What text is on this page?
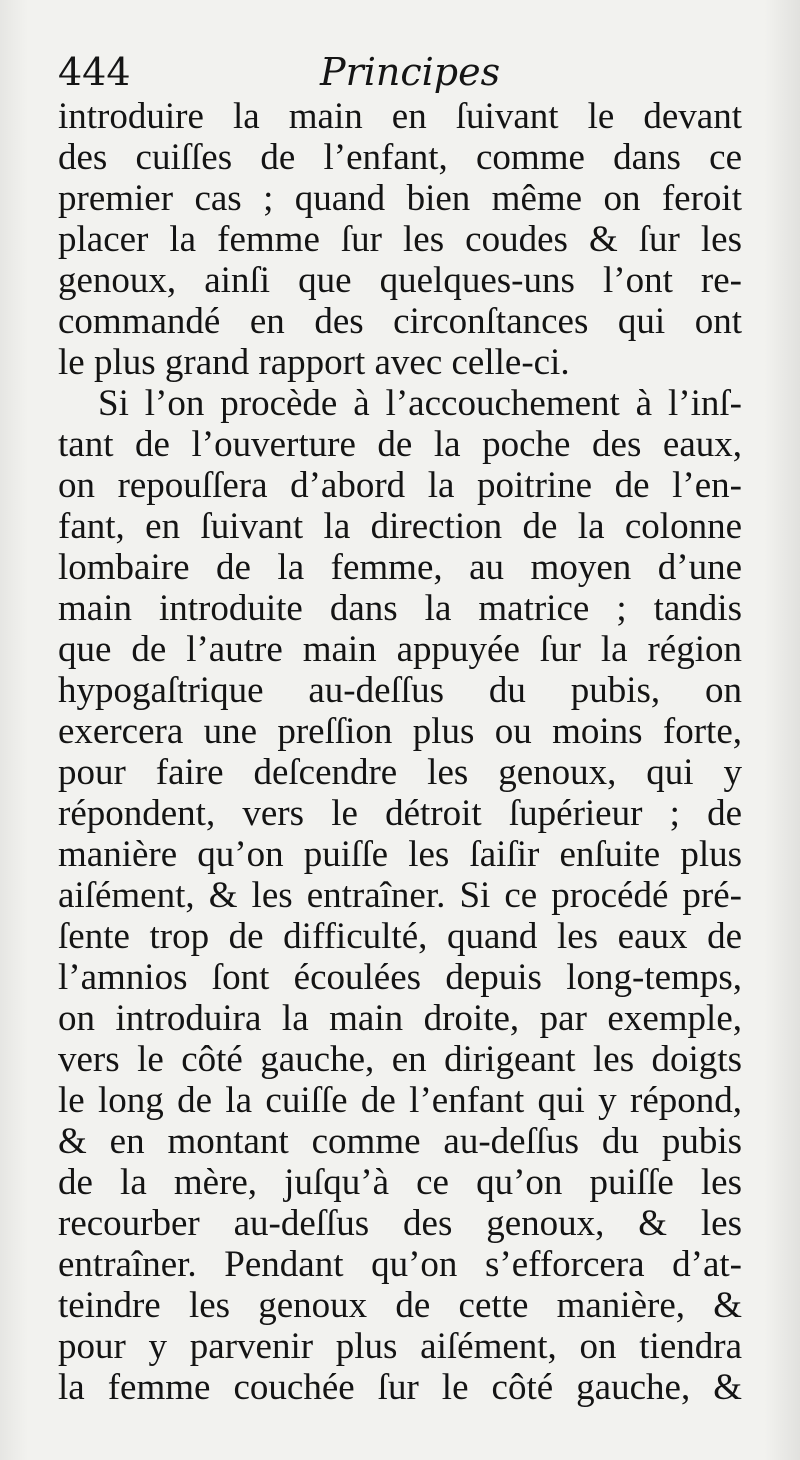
444	Principes
introduire la main en ſuivant le devant
des cuiſſes de l’enfant, comme dans ce
premier cas ; quand bien même on feroit
placer la femme ſur les coudes & ſur les
genoux, ainſi que quelques-uns l’ont re-
commandé en des circonſtances qui ont
le plus grand rapport avec celle-ci.
Si l’on procède à l’accouchement à l’inſ-
tant de l’ouverture de la poche des eaux,
on repouſſera d’abord la poitrine de l’en-
fant, en ſuivant la direction de la colonne
lombaire de la femme, au moyen d’une
main introduite dans la matrice ; tandis
que de l’autre main appuyée ſur la région
hypogaſtrique au-deſſus du pubis, on
exercera une preſſion plus ou moins forte,
pour faire deſcendre les genoux, qui y
répondent, vers le détroit ſupérieur ; de
manière qu’on puiſſe les ſaiſir enſuite plus
aiſément, & les entraîner. Si ce procédé pré-
ſente trop de difficulté, quand les eaux de
l’amnios ſont écoulées depuis long-temps,
on introduira la main droite, par exemple,
vers le côté gauche, en dirigeant les doigts
le long de la cuiſſe de l’enfant qui y répond,
& en montant comme au-deſſus du pubis
de la mère, juſqu’à ce qu’on puiſſe les
recourber au-deſſus des genoux, & les
entraîner. Pendant qu’on s’efforcera d’at-
teindre les genoux de cette manière, &
pour y parvenir plus aiſément, on tiendra
la femme couchée ſur le côté gauche, &
